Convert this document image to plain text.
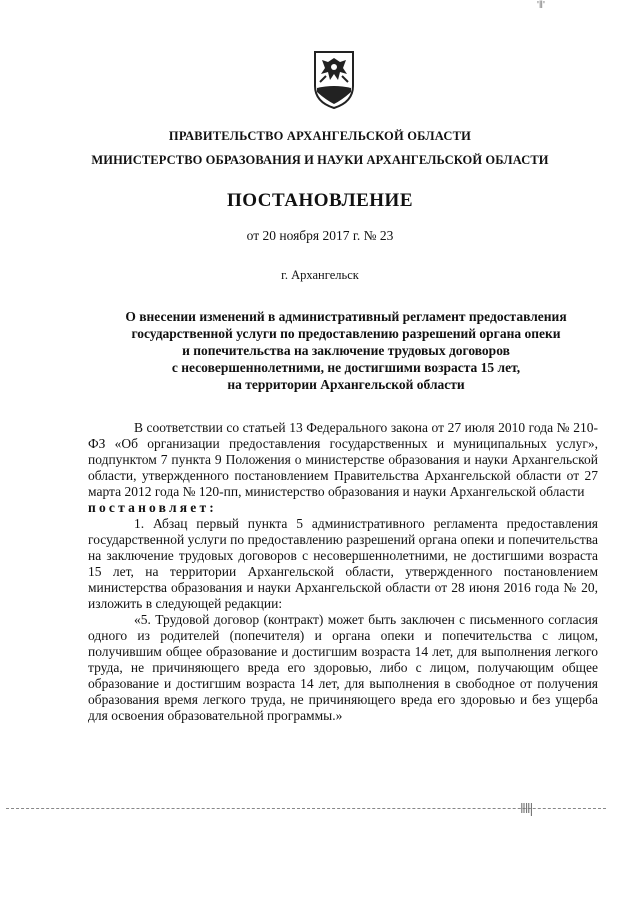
ПРАВИТЕЛЬСТВО АРХАНГЕЛЬСКОЙ ОБЛАСТИ
МИНИСТЕРСТВО ОБРАЗОВАНИЯ И НАУКИ АРХАНГЕЛЬСКОЙ ОБЛАСТИ
ПОСТАНОВЛЕНИЕ
от 20 ноября 2017 г. № 23
г. Архангельск
О внесении изменений в административный регламент предоставления
государственной услуги по предоставлению разрешений органа опеки
и попечительства на заключение трудовых договоров
с несовершеннолетними, не достигшими возраста 15 лет,
на территории Архангельской области

В соответствии со статьей 13 Федерального закона от 27 июля 2010 года № 210-ФЗ «Об организации предоставления государственных и муниципальных услуг», подпунктом 7 пункта 9 Положения о министерстве образования и науки Архангельской области, утвержденного постановлением Правительства Архангельской области от 27 марта 2012 года № 120-пп, министерство образования и науки Архангельской области

постановляет:

1. Абзац первый пункта 5 административного регламента предоставления государственной услуги по предоставлению разрешений органа опеки и попечительства на заключение трудовых договоров с несовершеннолетними, не достигшими возраста 15 лет, на территории Архангельской области, утвержденного постановлением министерства образования и науки Архангельской области от 28 июня 2016 года № 20, изложить в следующей редакции:

«5. Трудовой договор (контракт) может быть заключен с письменного согласия одного из родителей (попечителя) и органа опеки и попечительства с лицом, получившим общее образование и достигшим возраста 14 лет, для выполнения легкого труда, не причиняющего вреда его здоровью, либо с лицом, получающим общее образование и достигшим возраста 14 лет, для выполнения в свободное от получения образования время легкого труда, не причиняющего вреда его здоровью и без ущерба для освоения образовательной программы.»

‖‖|
'‖'
